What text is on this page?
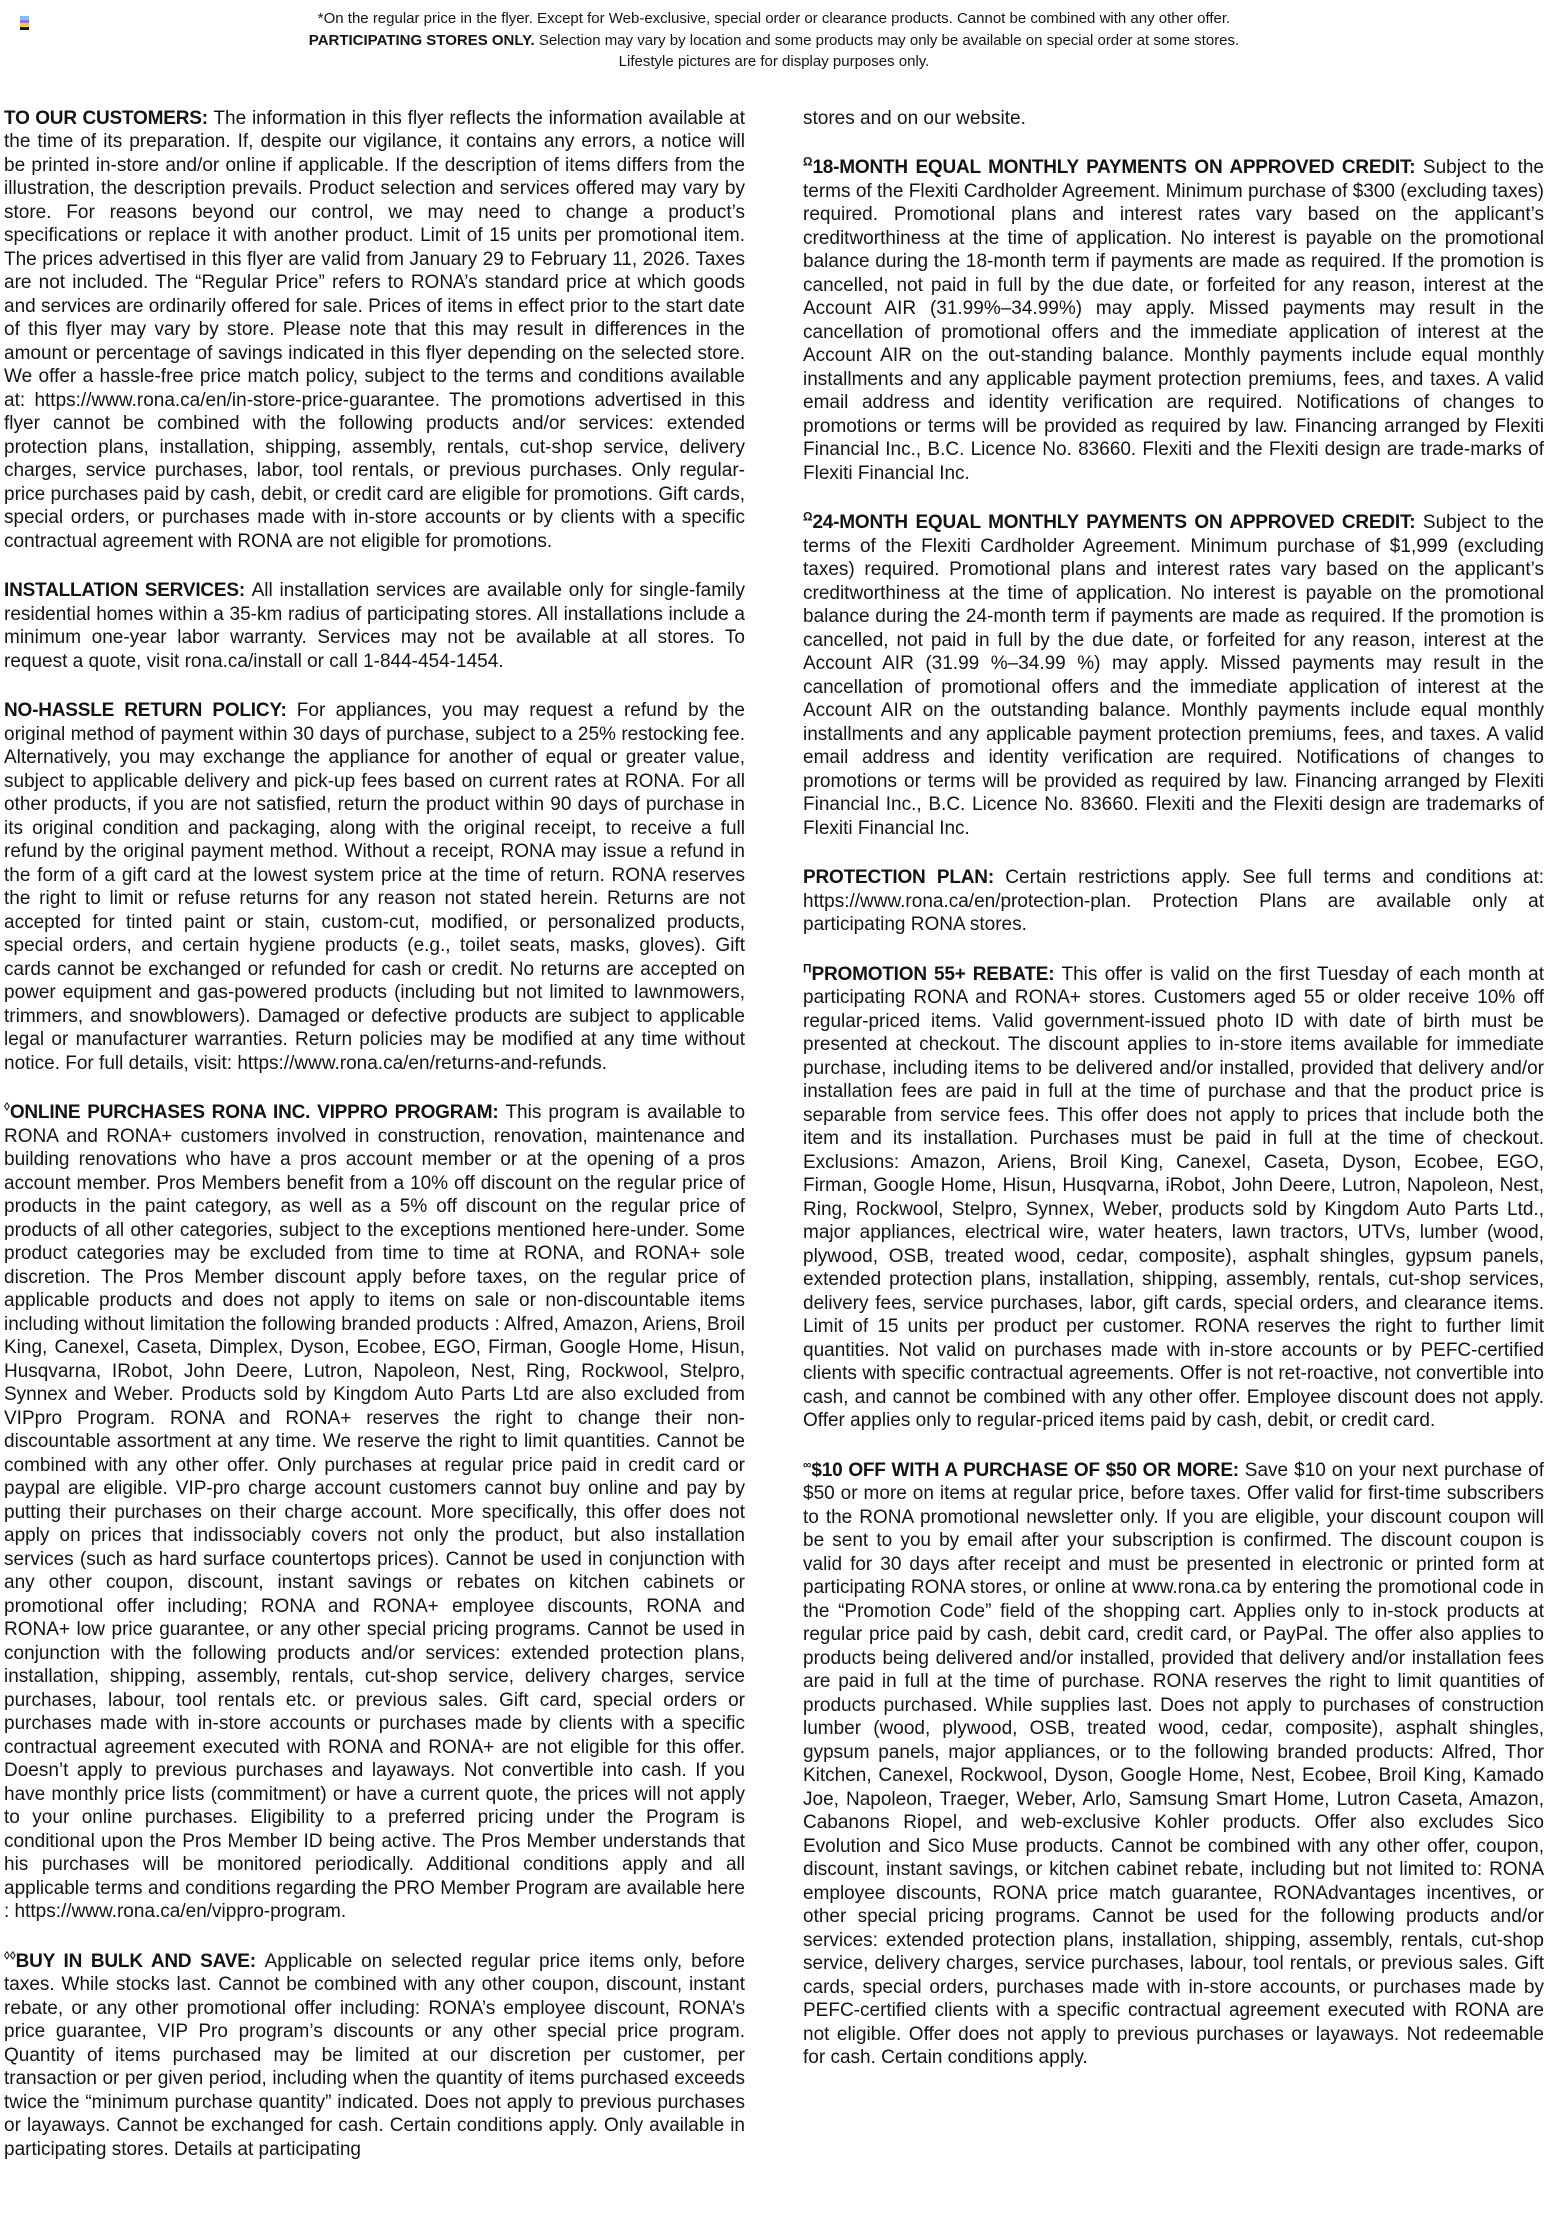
*On the regular price in the flyer. Except for Web-exclusive, special order or clearance products. Cannot be combined with any other offer.
PARTICIPATING STORES ONLY. Selection may vary by location and some products may only be available on special order at some stores.
Lifestyle pictures are for display purposes only.

TO OUR CUSTOMERS: The information in this flyer reflects the information available at the time of its preparation. If, despite our vigilance, it contains any errors, a notice will be printed in-store and/or online if applicable. If the description of items differs from the illustration, the description prevails. Product selection and services offered may vary by store. For reasons beyond our control, we may need to change a product’s specifications or replace it with another product. Limit of 15 units per promotional item. The prices advertised in this flyer are valid from January 29 to February 11, 2026. Taxes are not included. The “Regular Price” refers to RONA’s standard price at which goods and services are ordinarily offered for sale. Prices of items in effect prior to the start date of this flyer may vary by store. Please note that this may result in differences in the amount or percentage of savings indicated in this flyer depending on the selected store. We offer a hassle-free price match policy, subject to the terms and conditions available at: https://www.rona.ca/en/in-store-price-guarantee. The promotions advertised in this flyer cannot be combined with the following products and/or services: extended protection plans, installation, shipping, assembly, rentals, cut-shop service, delivery charges, service purchases, labor, tool rentals, or previous purchases. Only regular-price purchases paid by cash, debit, or credit card are eligible for promotions. Gift cards, special orders, or purchases made with in-store accounts or by clients with a specific contractual agreement with RONA are not eligible for promotions.

INSTALLATION SERVICES: All installation services are available only for single-family residential homes within a 35-km radius of participating stores. All installations include a minimum one-year labor warranty. Services may not be available at all stores. To request a quote, visit rona.ca/install or call 1-844-454-1454.

NO-HASSLE RETURN POLICY: For appliances, you may request a refund by the original method of payment within 30 days of purchase, subject to a 25% restocking fee. Alternatively, you may exchange the appliance for another of equal or greater value, subject to applicable delivery and pick-up fees based on current rates at RONA. For all other products, if you are not satisfied, return the product within 90 days of purchase in its original condition and packaging, along with the original receipt, to receive a full refund by the original payment method. Without a receipt, RONA may issue a refund in the form of a gift card at the lowest system price at the time of return. RONA reserves the right to limit or refuse returns for any reason not stated herein. Returns are not accepted for tinted paint or stain, custom-cut, modified, or personalized products, special orders, and certain hygiene products (e.g., toilet seats, masks, gloves). Gift cards cannot be exchanged or refunded for cash or credit. No returns are accepted on power equipment and gas-powered products (including but not limited to lawnmowers, trimmers, and snowblowers). Damaged or defective products are subject to applicable legal or manufacturer warranties. Return policies may be modified at any time without notice. For full details, visit: https://www.rona.ca/en/returns-and-refunds.

◊ONLINE PURCHASES RONA INC. VIPPRO PROGRAM: This program is available to RONA and RONA+ customers involved in construction, renovation, maintenance and building renovations who have a pros account member or at the opening of a pros account member. Pros Members benefit from a 10% off discount on the regular price of products in the paint category, as well as a 5% off discount on the regular price of products of all other categories, subject to the exceptions mentioned here-under. Some product categories may be excluded from time to time at RONA, and RONA+ sole discretion. The Pros Member discount apply before taxes, on the regular price of applicable products and does not apply to items on sale or non-discountable items including without limitation the following branded products : Alfred, Amazon, Ariens, Broil King, Canexel, Caseta, Dimplex, Dyson, Ecobee, EGO, Firman, Google Home, Hisun, Husqvarna, IRobot, John Deere, Lutron, Napoleon, Nest, Ring, Rockwool, Stelpro, Synnex and Weber. Products sold by Kingdom Auto Parts Ltd are also excluded from VIPpro Program. RONA and RONA+ reserves the right to change their non-discountable assortment at any time. We reserve the right to limit quantities. Cannot be combined with any other offer. Only purchases at regular price paid in credit card or paypal are eligible. VIP-pro charge account customers cannot buy online and pay by putting their purchases on their charge account. More specifically, this offer does not apply on prices that indissociably covers not only the product, but also installation services (such as hard surface countertops prices). Cannot be used in conjunction with any other coupon, discount, instant savings or rebates on kitchen cabinets or promotional offer including; RONA and RONA+ employee discounts, RONA and RONA+ low price guarantee, or any other special pricing programs. Cannot be used in conjunction with the following products and/or services: extended protection plans, installation, shipping, assembly, rentals, cut-shop service, delivery charges, service purchases, labour, tool rentals etc. or previous sales. Gift card, special orders or purchases made with in-store accounts or purchases made by clients with a specific contractual agreement executed with RONA and RONA+ are not eligible for this offer. Doesn’t apply to previous purchases and layaways. Not convertible into cash. If you have monthly price lists (commitment) or have a current quote, the prices will not apply to your online purchases. Eligibility to a preferred pricing under the Program is conditional upon the Pros Member ID being active. The Pros Member understands that his purchases will be monitored periodically. Additional conditions apply and all applicable terms and conditions regarding the PRO Member Program are available here : https://www.rona.ca/en/vippro-program.

◊◊BUY IN BULK AND SAVE: Applicable on selected regular price items only, before taxes. While stocks last. Cannot be combined with any other coupon, discount, instant rebate, or any other promotional offer including: RONA’s employee discount, RONA’s price guarantee, VIP Pro program’s discounts or any other special price program. Quantity of items purchased may be limited at our discretion per customer, per transaction or per given period, including when the quantity of items purchased exceeds twice the “minimum purchase quantity” indicated. Does not apply to previous purchases or layaways. Cannot be exchanged for cash. Certain conditions apply. Only available in participating stores. Details at participating

stores and on our website.

$^\Omega$18-MONTH EQUAL MONTHLY PAYMENTS ON APPROVED CREDIT: Subject to the terms of the Flexiti Cardholder Agreement. Minimum purchase of $300 (excluding taxes) required. Promotional plans and interest rates vary based on the applicant’s creditworthiness at the time of application. No interest is payable on the promotional balance during the 18-month term if payments are made as required. If the promotion is cancelled, not paid in full by the due date, or forfeited for any reason, interest at the Account AIR (31.99%–34.99%) may apply. Missed payments may result in the cancellation of promotional offers and the immediate application of interest at the Account AIR on the out-standing balance. Monthly payments include equal monthly installments and any applicable payment protection premiums, fees, and taxes. A valid email address and identity verification are required. Notifications of changes to promotions or terms will be provided as required by law. Financing arranged by Flexiti Financial Inc., B.C. Licence No. 83660. Flexiti and the Flexiti design are trade-marks of Flexiti Financial Inc.

$^\Omega$24-MONTH EQUAL MONTHLY PAYMENTS ON APPROVED CREDIT: Subject to the terms of the Flexiti Cardholder Agreement. Minimum purchase of $1,999 (excluding taxes) required. Promotional plans and interest rates vary based on the applicant’s creditworthiness at the time of application. No interest is payable on the promotional balance during the 24-month term if payments are made as required. If the promotion is cancelled, not paid in full by the due date, or forfeited for any reason, interest at the Account AIR (31.99 %–34.99 %) may apply. Missed payments may result in the cancellation of promotional offers and the immediate application of interest at the Account AIR on the outstanding balance. Monthly payments include equal monthly installments and any applicable payment protection premiums, fees, and taxes. A valid email address and identity verification are required. Notifications of changes to promotions or terms will be provided as required by law. Financing arranged by Flexiti Financial Inc., B.C. Licence No. 83660. Flexiti and the Flexiti design are trademarks of Flexiti Financial Inc.

PROTECTION PLAN: Certain restrictions apply. See full terms and conditions at: https://www.rona.ca/en/protection-plan. Protection Plans are available only at participating RONA stores.

$^\Pi$PROMOTION 55+ REBATE: This offer is valid on the first Tuesday of each month at participating RONA and RONA+ stores. Customers aged 55 or older receive 10% off regular-priced items. Valid government-issued photo ID with date of birth must be presented at checkout. The discount applies to in-store items available for immediate purchase, including items to be delivered and/or installed, provided that delivery and/or installation fees are paid in full at the time of purchase and that the product price is separable from service fees. This offer does not apply to prices that include both the item and its installation. Purchases must be paid in full at the time of checkout. Exclusions: Amazon, Ariens, Broil King, Canexel, Caseta, Dyson, Ecobee, EGO, Firman, Google Home, Hisun, Husqvarna, iRobot, John Deere, Lutron, Napoleon, Nest, Ring, Rockwool, Stelpro, Synnex, Weber, products sold by Kingdom Auto Parts Ltd., major appliances, electrical wire, water heaters, lawn tractors, UTVs, lumber (wood, plywood, OSB, treated wood, cedar, composite), asphalt shingles, gypsum panels, extended protection plans, installation, shipping, assembly, rentals, cut-shop services, delivery fees, service purchases, labor, gift cards, special orders, and clearance items. Limit of 15 units per product per customer. RONA reserves the right to further limit quantities. Not valid on purchases made with in-store accounts or by PEFC-certified clients with specific contractual agreements. Offer is not ret-roactive, not convertible into cash, and cannot be combined with any other offer. Employee discount does not apply. Offer applies only to regular-priced items paid by cash, debit, or credit card.

∞$10 OFF WITH A PURCHASE OF $50 OR MORE: Save $10 on your next purchase of $50 or more on items at regular price, before taxes. Offer valid for first-time subscribers to the RONA promotional newsletter only. If you are eligible, your discount coupon will be sent to you by email after your subscription is confirmed. The discount coupon is valid for 30 days after receipt and must be presented in electronic or printed form at participating RONA stores, or online at www.rona.ca by entering the promotional code in the “Promotion Code” field of the shopping cart. Applies only to in-stock products at regular price paid by cash, debit card, credit card, or PayPal. The offer also applies to products being delivered and/or installed, provided that delivery and/or installation fees are paid in full at the time of purchase. RONA reserves the right to limit quantities of products purchased. While supplies last. Does not apply to purchases of construction lumber (wood, plywood, OSB, treated wood, cedar, composite), asphalt shingles, gypsum panels, major appliances, or to the following branded products: Alfred, Thor Kitchen, Canexel, Rockwool, Dyson, Google Home, Nest, Ecobee, Broil King, Kamado Joe, Napoleon, Traeger, Weber, Arlo, Samsung Smart Home, Lutron Caseta, Amazon, Cabanons Riopel, and web-exclusive Kohler products. Offer also excludes Sico Evolution and Sico Muse products. Cannot be combined with any other offer, coupon, discount, instant savings, or kitchen cabinet rebate, including but not limited to: RONA employee discounts, RONA price match guarantee, RONAdvantages incentives, or other special pricing programs. Cannot be used for the following products and/or services: extended protection plans, installation, shipping, assembly, rentals, cut-shop service, delivery charges, service purchases, labour, tool rentals, or previous sales. Gift cards, special orders, purchases made with in-store accounts, or purchases made by PEFC-certified clients with a specific contractual agreement executed with RONA are not eligible. Offer does not apply to previous purchases or layaways. Not redeemable for cash. Certain conditions apply.
